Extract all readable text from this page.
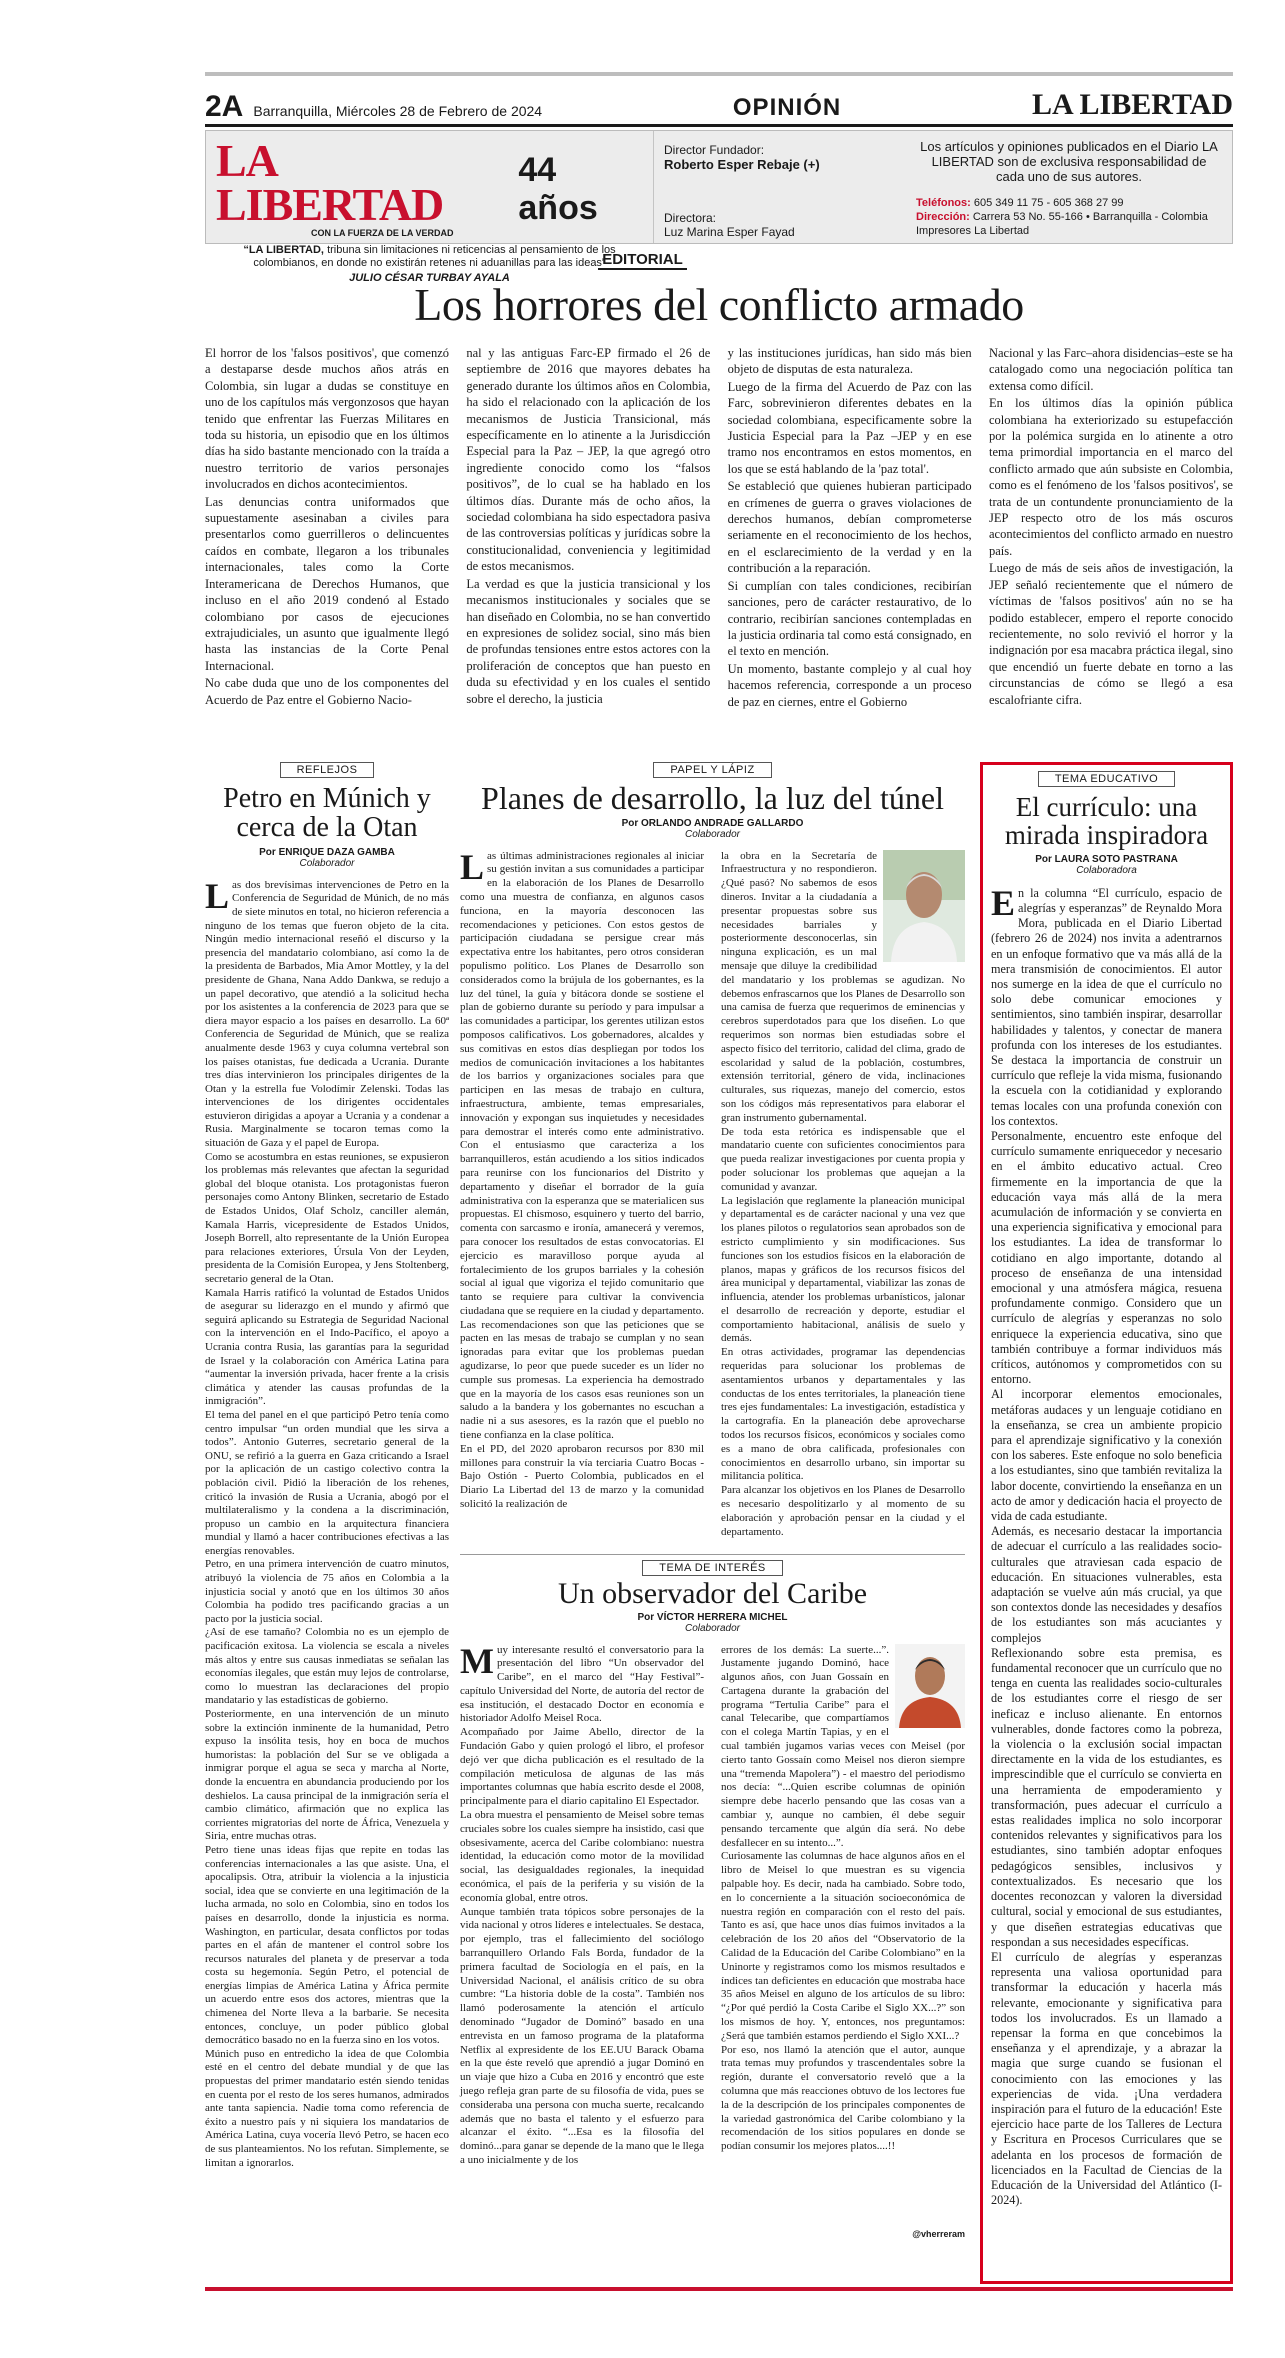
2A Barranquilla, Miércoles 28 de Febrero de 2024	OPINIÓN	LA LIBERTAD
LA LIBERTAD
44 años
CON LA FUERZA DE LA VERDAD
“LA LIBERTAD, tribuna sin limitaciones ni reticencias al pensamiento de los colombianos, en donde no existirán retenes ni aduanillas para las ideas”
JULIO CÉSAR TURBAY AYALA
Director Fundador:
Roberto Esper Rebaje (+)
Directora:
Luz Marina Esper Fayad
Los artículos y opiniones publicados en el Diario LA LIBERTAD son de exclusiva responsabilidad de cada uno de sus autores.
Teléfonos: 605 349 11 75 - 605 368 27 99
Dirección: Carrera 53 No. 55-166 • Barranquilla - Colombia
Impresores La Libertad
EDITORIAL
Los horrores del conflicto armado

El horror de los 'falsos positivos', que comenzó a destaparse desde muchos años atrás en Colombia, sin lugar a dudas se constituye en uno de los capítulos más vergonzosos que hayan tenido que enfrentar las Fuerzas Militares en toda su historia, un episodio que en los últimos días ha sido bastante mencionado con la traída a nuestro territorio de varios personajes involucrados en dichos acontecimientos.

Las denuncias contra uniformados que supuestamente asesinaban a civiles para presentarlos como guerrilleros o delincuentes caídos en combate, llegaron a los tribunales internacionales, tales como la Corte Interamericana de Derechos Humanos, que incluso en el año 2019 condenó al Estado colombiano por casos de ejecuciones extrajudiciales, un asunto que igualmente llegó hasta las instancias de la Corte Penal Internacional.

No cabe duda que uno de los componentes del Acuerdo de Paz entre el Gobierno Nacio-

nal y las antiguas Farc-EP firmado el 26 de septiembre de 2016 que mayores debates ha generado durante los últimos años en Colombia, ha sido el relacionado con la aplicación de los mecanismos de Justicia Transicional, más específicamente en lo atinente a la Jurisdicción Especial para la Paz – JEP, la que agregó otro ingrediente conocido como los “falsos positivos”, de lo cual se ha hablado en los últimos días. Durante más de ocho años, la sociedad colombiana ha sido espectadora pasiva de las controversias políticas y jurídicas sobre la constitucionalidad, conveniencia y legitimidad de estos mecanismos.

La verdad es que la justicia transicional y los mecanismos institucionales y sociales que se han diseñado en Colombia, no se han convertido en expresiones de solidez social, sino más bien de profundas tensiones entre estos actores con la proliferación de conceptos que han puesto en duda su efectividad y en los cuales el sentido sobre el derecho, la justicia

y las instituciones jurídicas, han sido más bien objeto de disputas de esta naturaleza.

Luego de la firma del Acuerdo de Paz con las Farc, sobrevinieron diferentes debates en la sociedad colombiana, especificamente sobre la Justicia Especial para la Paz –JEP y en ese tramo nos encontramos en estos momentos, en los que se está hablando de la 'paz total'.

Se estableció que quienes hubieran participado en crímenes de guerra o graves violaciones de derechos humanos, debían comprometerse seriamente en el reconocimiento de los hechos, en el esclarecimiento de la verdad y en la contribución a la reparación.

Si cumplían con tales condiciones, recibirían sanciones, pero de carácter restaurativo, de lo contrario, recibirían sanciones contempladas en la justicia ordinaria tal como está consignado, en el texto en mención.

Un momento, bastante complejo y al cual hoy hacemos referencia, corresponde a un proceso de paz en ciernes, entre el Gobierno

Nacional y las Farc–ahora disidencias–este se ha catalogado como una negociación política tan extensa como difícil.

En los últimos días la opinión pública colombiana ha exteriorizado su estupefacción por la polémica surgida en lo atinente a otro tema primordial importancia en el marco del conflicto armado que aún subsiste en Colombia, como es el fenómeno de los 'falsos positivos', se trata de un contundente pronunciamiento de la JEP respecto otro de los más oscuros acontecimientos del conflicto armado en nuestro país.

Luego de más de seis años de investigación, la JEP señaló recientemente que el número de víctimas de 'falsos positivos' aún no se ha podido establecer, empero el reporte conocido recientemente, no solo revivió el horror y la indignación por esa macabra práctica ilegal, sino que encendió un fuerte debate en torno a las circunstancias de cómo se llegó a esa escalofriante cifra.

REFLEJOS
Petro en Múnich y cerca de la Otan
Por ENRIQUE DAZA GAMBA
Colaborador

Las dos brevísimas intervenciones de Petro en la Conferencia de Seguridad de Múnich, de no más de siete minutos en total, no hicieron referencia a ninguno de los temas que fueron objeto de la cita. Ningún medio internacional reseñó el discurso y la presencia del mandatario colombiano, así como la de la presidenta de Barbados, Mia Amor Mottley, y la del presidente de Ghana, Nana Addo Dankwa, se redujo a un papel decorativo, que atendió a la solicitud hecha por los asistentes a la conferencia de 2023 para que se diera mayor espacio a los países en desarrollo. La 60ª Conferencia de Seguridad de Múnich, que se realiza anualmente desde 1963 y cuya columna vertebral son los países otanistas, fue dedicada a Ucrania. Durante tres días intervinieron los principales dirigentes de la Otan y la estrella fue Volodímir Zelenski. Todas las intervenciones de los dirigentes occidentales estuvieron dirigidas a apoyar a Ucrania y a condenar a Rusia. Marginalmente se tocaron temas como la situación de Gaza y el papel de Europa.

Como se acostumbra en estas reuniones, se expusieron los problemas más relevantes que afectan la seguridad global del bloque otanista. Los protagonistas fueron personajes como Antony Blinken, secretario de Estado de Estados Unidos, Olaf Scholz, canciller alemán, Kamala Harris, vicepresidente de Estados Unidos, Joseph Borrell, alto representante de la Unión Europea para relaciones exteriores, Úrsula Von der Leyden, presidenta de la Comisión Europea, y Jens Stoltenberg, secretario general de la Otan.

Kamala Harris ratificó la voluntad de Estados Unidos de asegurar su liderazgo en el mundo y afirmó que seguirá aplicando su Estrategia de Seguridad Nacional con la intervención en el Indo-Pacífico, el apoyo a Ucrania contra Rusia, las garantías para la seguridad de Israel y la colaboración con América Latina para “aumentar la inversión privada, hacer frente a la crisis climática y atender las causas profundas de la inmigración”.

El tema del panel en el que participó Petro tenía como centro impulsar “un orden mundial que les sirva a todos”. Antonio Guterres, secretario general de la ONU, se refirió a la guerra en Gaza criticando a Israel por la aplicación de un castigo colectivo contra la población civil. Pidió la liberación de los rehenes, criticó la invasión de Rusia a Ucrania, abogó por el multilateralismo y la condena a la discriminación, propuso un cambio en la arquitectura financiera mundial y llamó a hacer contribuciones efectivas a las energías renovables.

Petro, en una primera intervención de cuatro minutos, atribuyó la violencia de 75 años en Colombia a la injusticia social y anotó que en los últimos 30 años Colombia ha podido tres pacificando gracias a un pacto por la justicia social.

¿Así de ese tamaño? Colombia no es un ejemplo de pacificación exitosa. La violencia se escala a niveles más altos y entre sus causas inmediatas se señalan las economías ilegales, que están muy lejos de controlarse, como lo muestran las declaraciones del propio mandatario y las estadísticas de gobierno.

Posteriormente, en una intervención de un minuto sobre la extinción inminente de la humanidad, Petro expuso la insólita tesis, hoy en boca de muchos humoristas: la población del Sur se ve obligada a inmigrar porque el agua se seca y marcha al Norte, donde la encuentra en abundancia produciendo por los deshielos. La causa principal de la inmigración sería el cambio climático, afirmación que no explica las corrientes migratorias del norte de África, Venezuela y Siria, entre muchas otras.

Petro tiene unas ideas fijas que repite en todas las conferencias internacionales a las que asiste. Una, el apocalipsis. Otra, atribuir la violencia a la injusticia social, idea que se convierte en una legitimación de la lucha armada, no solo en Colombia, sino en todos los países en desarrollo, donde la injusticia es norma. Washington, en particular, desata conflictos por todas partes en el afán de mantener el control sobre los recursos naturales del planeta y de preservar a toda costa su hegemonía. Según Petro, el potencial de energías limpias de América Latina y África permite un acuerdo entre esos dos actores, mientras que la chimenea del Norte lleva a la barbarie. Se necesita entonces, concluye, un poder público global democrático basado no en la fuerza sino en los votos.

Múnich puso en entredicho la idea de que Colombia esté en el centro del debate mundial y de que las propuestas del primer mandatario estén siendo tenidas en cuenta por el resto de los seres humanos, admirados ante tanta sapiencia. Nadie toma como referencia de éxito a nuestro país y ni siquiera los mandatarios de América Latina, cuya vocería llevó Petro, se hacen eco de sus planteamientos. No los refutan. Simplemente, se limitan a ignorarlos.

PAPEL Y LÁPIZ
Planes de desarrollo, la luz del túnel
Por ORLANDO ANDRADE GALLARDO
Colaborador

Las últimas administraciones regionales al iniciar su gestión invitan a sus comunidades a participar en la elaboración de los Planes de Desarrollo como una muestra de confianza, en algunos casos funciona, en la mayoría desconocen las recomendaciones y peticiones. Con estos gestos de participación ciudadana se persigue crear más expectativa entre los habitantes, pero otros consideran populismo político. Los Planes de Desarrollo son considerados como la brújula de los gobernantes, es la luz del túnel, la guía y bitácora donde se sostiene el plan de gobierno durante su período y para impulsar a las comunidades a participar, los gerentes utilizan estos pomposos calificativos. Los gobernadores, alcaldes y sus comitivas en estos días despliegan por todos los medios de comunicación invitaciones a los habitantes de los barrios y organizaciones sociales para que participen en las mesas de trabajo en cultura, infraestructura, ambiente, temas empresariales, innovación y expongan sus inquietudes y necesidades para demostrar el interés como ente administrativo. Con el entusiasmo que caracteriza a los barranquilleros, están acudiendo a los sitios indicados para reunirse con los funcionarios del Distrito y departamento y diseñar el borrador de la guía administrativa con la esperanza que se materialicen sus propuestas. El chismoso, esquinero y tuerto del barrio, comenta con sarcasmo e ironía, amanecerá y veremos, para conocer los resultados de estas convocatorias. El ejercicio es maravilloso porque ayuda al fortalecimiento de los grupos barriales y la cohesión social al igual que vigoriza el tejido comunitario que tanto se requiere para cultivar la convivencia ciudadana que se requiere en la ciudad y departamento. Las recomendaciones son que las peticiones que se pacten en las mesas de trabajo se cumplan y no sean ignoradas para evitar que los problemas puedan agudizarse, lo peor que puede suceder es un líder no cumple sus promesas. La experiencia ha demostrado que en la mayoría de los casos esas reuniones son un saludo a la bandera y los gobernantes no escuchan a nadie ni a sus asesores, es la razón que el pueblo no tiene confianza en la clase política.

En el PD, del 2020 aprobaron recursos por 830 mil millones para construir la vía terciaria Cuatro Bocas - Bajo Ostión - Puerto Colombia, publicados en el Diario La Libertad del 13 de marzo y la comunidad solicitó la realización de

la obra en la Secretaría de Infraestructura y no respondieron. ¿Qué pasó? No sabemos de esos dineros. Invitar a la ciudadanía a presentar propuestas sobre sus necesidades barriales y posteriormente desconocerlas, sin ninguna explicación, es un mal mensaje que diluye la credibilidad del mandatario y los problemas se agudizan. No debemos enfrascarnos que los Planes de Desarrollo son una camisa de fuerza que requerimos de eminencias y cerebros superdotados para que los diseñen. Lo que requerimos son normas bien estudiadas sobre el aspecto físico del territorio, calidad del clima, grado de escolaridad y salud de la población, costumbres, extensión territorial, género de vida, inclinaciones culturales, sus riquezas, manejo del comercio, estos son los códigos más representativos para elaborar el gran instrumento gubernamental.

De toda esta retórica es indispensable que el mandatario cuente con suficientes conocimientos para que pueda realizar investigaciones por cuenta propia y poder solucionar los problemas que aquejan a la comunidad y avanzar.

La legislación que reglamente la planeación municipal y departamental es de carácter nacional y una vez que los planes pilotos o regulatorios sean aprobados son de estricto cumplimiento y sin modificaciones. Sus funciones son los estudios físicos en la elaboración de planos, mapas y gráficos de los recursos físicos del área municipal y departamental, viabilizar las zonas de influencia, atender los problemas urbanísticos, jalonar el desarrollo de recreación y deporte, estudiar el comportamiento habitacional, análisis de suelo y demás.

En otras actividades, programar las dependencias requeridas para solucionar los problemas de asentamientos urbanos y departamentales y las conductas de los entes territoriales, la planeación tiene tres ejes fundamentales: La investigación, estadística y la cartografía. En la planeación debe aprovecharse todos los recursos físicos, económicos y sociales como es a mano de obra calificada, profesionales con conocimientos en desarrollo urbano, sin importar su militancia política.

Para alcanzar los objetivos en los Planes de Desarrollo es necesario despolitizarlo y al momento de su elaboración y aprobación pensar en la ciudad y el departamento.

TEMA DE INTERÉS
Un observador del Caribe
Por VÍCTOR HERRERA MICHEL
Colaborador

Muy interesante resultó el conversatorio para la presentación del libro “Un observador del Caribe”, en el marco del “Hay Festival”- capítulo Universidad del Norte, de autoría del rector de esa institución, el destacado Doctor en economía e historiador Adolfo Meisel Roca.

Acompañado por Jaime Abello, director de la Fundación Gabo y quien prologó el libro, el profesor dejó ver que dicha publicación es el resultado de la compilación meticulosa de algunas de las más importantes columnas que había escrito desde el 2008, principalmente para el diario capitalino El Espectador.

La obra muestra el pensamiento de Meisel sobre temas cruciales sobre los cuales siempre ha insistido, casi que obsesivamente, acerca del Caribe colombiano: nuestra identidad, la educación como motor de la movilidad social, las desigualdades regionales, la inequidad económica, el país de la periferia y su visión de la economía global, entre otros.

Aunque también trata tópicos sobre personajes de la vida nacional y otros líderes e intelectuales. Se destaca, por ejemplo, tras el fallecimiento del sociólogo barranquillero Orlando Fals Borda, fundador de la primera facultad de Sociología en el país, en la Universidad Nacional, el análisis crítico de su obra cumbre: “La historia doble de la costa”. También nos llamó poderosamente la atención el artículo denominado “Jugador de Dominó” basado en una entrevista en un famoso programa de la plataforma Netflix al expresidente de los EE.UU Barack Obama en la que éste reveló que aprendió a jugar Dominó en un viaje que hizo a Cuba en 2016 y encontró que este juego refleja gran parte de su filosofía de vida, pues se consideraba una persona con mucha suerte, recalcando además que no basta el talento y el esfuerzo para alcanzar el éxito. “...Esa es la filosofía del dominó...para ganar se depende de la mano que le llega a uno inicialmente y de los

errores de los demás: La suerte...”. Justamente jugando Dominó, hace algunos años, con Juan Gossaín en Cartagena durante la grabación del programa “Tertulia Caribe” para el canal Telecaribe, que compartíamos con el colega Martín Tapias, y en el cual también jugamos varias veces con Meisel (por cierto tanto Gossaín como Meisel nos dieron siempre una “tremenda Mapolera”) - el maestro del periodismo nos decía: “...Quien escribe columnas de opinión siempre debe hacerlo pensando que las cosas van a cambiar y, aunque no cambien, él debe seguir pensando tercamente que algún día será. No debe desfallecer en su intento...”.

Curiosamente las columnas de hace algunos años en el libro de Meisel lo que muestran es su vigencia palpable hoy. Es decir, nada ha cambiado. Sobre todo, en lo concerniente a la situación socioeconómica de nuestra región en comparación con el resto del país. Tanto es así, que hace unos días fuimos invitados a la celebración de los 20 años del “Observatorio de la Calidad de la Educación del Caribe Colombiano” en la Uninorte y registramos como los mismos resultados e índices tan deficientes en educación que mostraba hace 35 años Meisel en alguno de los artículos de su libro: “¿Por qué perdió la Costa Caribe el Siglo XX...?” son los mismos de hoy. Y, entonces, nos preguntamos: ¿Será que también estamos perdiendo el Siglo XXI...?

Por eso, nos llamó la atención que el autor, aunque trata temas muy profundos y trascendentales sobre la región, durante el conversatorio reveló que a la columna que más reacciones obtuvo de los lectores fue la de la descripción de los principales componentes de la variedad gastronómica del Caribe colombiano y la recomendación de los sitios populares en donde se podían consumir los mejores platos....!!

@vherreram
TEMA EDUCATIVO
El currículo: una mirada inspiradora
Por LAURA SOTO PASTRANA
Colaboradora

En la columna “El currículo, espacio de alegrías y esperanzas” de Reynaldo Mora Mora, publicada en el Diario Libertad (febrero 26 de 2024) nos invita a adentrarnos en un enfoque formativo que va más allá de la mera transmisión de conocimientos. El autor nos sumerge en la idea de que el currículo no solo debe comunicar emociones y sentimientos, sino también inspirar, desarrollar habilidades y talentos, y conectar de manera profunda con los intereses de los estudiantes. Se destaca la importancia de construir un currículo que refleje la vida misma, fusionando la escuela con la cotidianidad y explorando temas locales con una profunda conexión con los contextos.

Personalmente, encuentro este enfoque del currículo sumamente enriquecedor y necesario en el ámbito educativo actual. Creo firmemente en la importancia de que la educación vaya más allá de la mera acumulación de información y se convierta en una experiencia significativa y emocional para los estudiantes. La idea de transformar lo cotidiano en algo importante, dotando al proceso de enseñanza de una intensidad emocional y una atmósfera mágica, resuena profundamente conmigo. Considero que un currículo de alegrías y esperanzas no solo enriquece la experiencia educativa, sino que también contribuye a formar individuos más críticos, autónomos y comprometidos con su entorno.

Al incorporar elementos emocionales, metáforas audaces y un lenguaje cotidiano en la enseñanza, se crea un ambiente propicio para el aprendizaje significativo y la conexión con los saberes. Este enfoque no solo beneficia a los estudiantes, sino que también revitaliza la labor docente, convirtiendo la enseñanza en un acto de amor y dedicación hacia el proyecto de vida de cada estudiante.

Además, es necesario destacar la importancia de adecuar el currículo a las realidades socio-culturales que atraviesan cada espacio de educación. En situaciones vulnerables, esta adaptación se vuelve aún más crucial, ya que son contextos donde las necesidades y desafíos de los estudiantes son más acuciantes y complejos

Reflexionando sobre esta premisa, es fundamental reconocer que un currículo que no tenga en cuenta las realidades socio-culturales de los estudiantes corre el riesgo de ser ineficaz e incluso alienante. En entornos vulnerables, donde factores como la pobreza, la violencia o la exclusión social impactan directamente en la vida de los estudiantes, es imprescindible que el currículo se convierta en una herramienta de empoderamiento y transformación, pues adecuar el currículo a estas realidades implica no solo incorporar contenidos relevantes y significativos para los estudiantes, sino también adoptar enfoques pedagógicos sensibles, inclusivos y contextualizados. Es necesario que los docentes reconozcan y valoren la diversidad cultural, social y emocional de sus estudiantes, y que diseñen estrategias educativas que respondan a sus necesidades específicas.

El currículo de alegrías y esperanzas representa una valiosa oportunidad para transformar la educación y hacerla más relevante, emocionante y significativa para todos los involucrados. Es un llamado a repensar la forma en que concebimos la enseñanza y el aprendizaje, y a abrazar la magia que surge cuando se fusionan el conocimiento con las emociones y las experiencias de vida. ¡Una verdadera inspiración para el futuro de la educación! Este ejercicio hace parte de los Talleres de Lectura y Escritura en Procesos Curriculares que se adelanta en los procesos de formación de licenciados en la Facultad de Ciencias de la Educación de la Universidad del Atlántico (I-2024).
